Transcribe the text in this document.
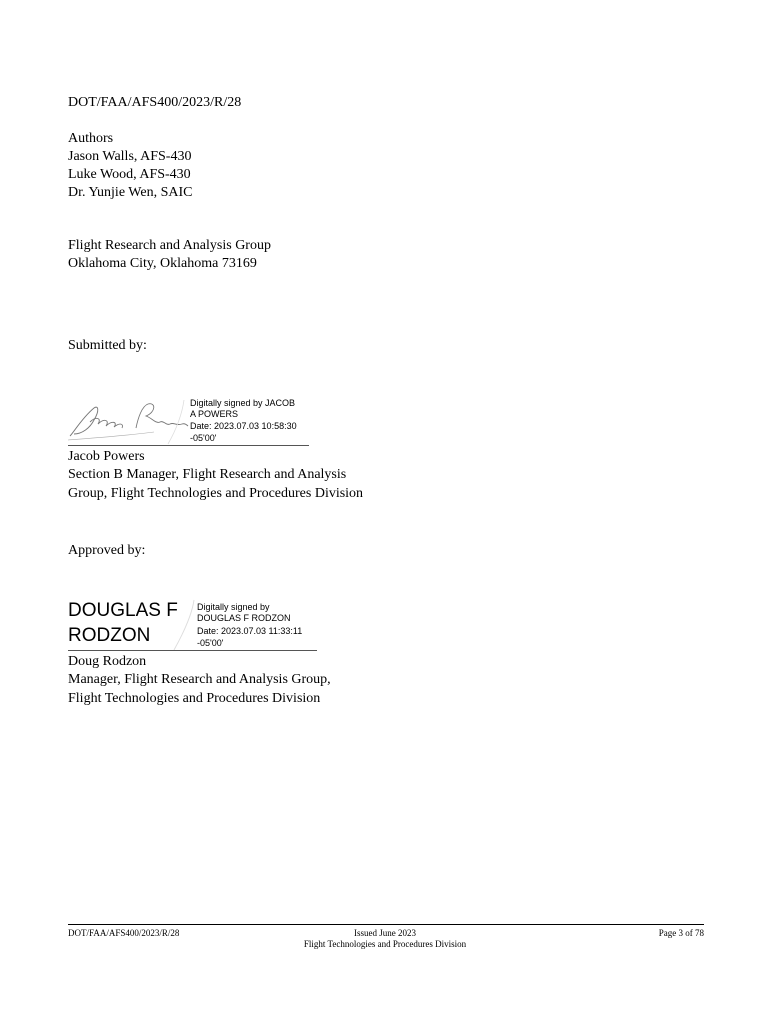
DOT/FAA/AFS400/2023/R/28
Authors
Jason Walls, AFS-430
Luke Wood, AFS-430
Dr. Yunjie Wen, SAIC
Flight Research and Analysis Group
Oklahoma City, Oklahoma 73169
Submitted by:
Digitally signed by JACOB
A POWERS
Date: 2023.07.03 10:58:30
-05'00'
Jacob Powers
Section B Manager, Flight Research and Analysis
Group, Flight Technologies and Procedures Division
Approved by:
DOUGLAS F
RODZON
Digitally signed by
DOUGLAS F RODZON
Date: 2023.07.03 11:33:11
-05'00'
Doug Rodzon
Manager, Flight Research and Analysis Group,
Flight Technologies and Procedures Division
DOT/FAA/AFS400/2023/R/28	Issued June 2023
Flight Technologies and Procedures Division
Page 3 of 78
